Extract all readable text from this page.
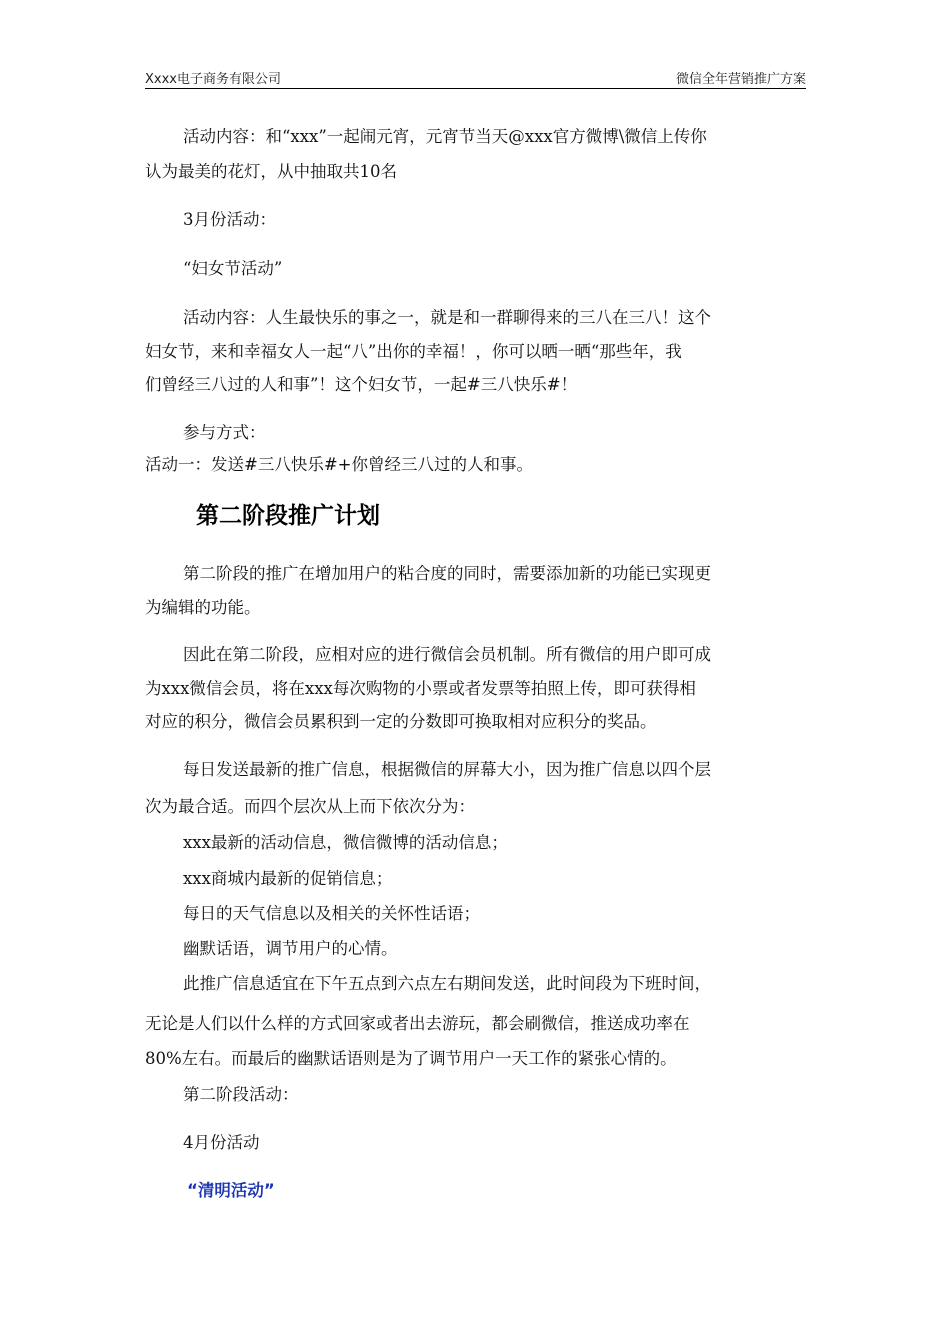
Xxxx电子商务有限公司	微信全年营销推广方案
活动内容：和“xxx”一起闹元宵，元宵节当天@xxx官方微博\微信上传你
认为最美的花灯，从中抽取共10名
3月份活动：
“妇女节活动”
活动内容：人生最快乐的事之一，就是和一群聊得来的三八在三八！这个
妇女节，来和幸福女人一起“八”出你的幸福！，你可以晒一晒“那些年，我
们曾经三八过的人和事”！这个妇女节，一起#三八快乐#！
参与方式：
活动一：发送#三八快乐#+你曾经三八过的人和事。
第二阶段推广计划
第二阶段的推广在增加用户的粘合度的同时，需要添加新的功能已实现更
为编辑的功能。
因此在第二阶段，应相对应的进行微信会员机制。所有微信的用户即可成
为xxx微信会员，将在xxx每次购物的小票或者发票等拍照上传，即可获得相
对应的积分，微信会员累积到一定的分数即可换取相对应积分的奖品。
每日发送最新的推广信息，根据微信的屏幕大小，因为推广信息以四个层
次为最合适。而四个层次从上而下依次分为：
xxx最新的活动信息，微信微博的活动信息；
xxx商城内最新的促销信息；
每日的天气信息以及相关的关怀性话语；
幽默话语，调节用户的心情。
此推广信息适宜在下午五点到六点左右期间发送，此时间段为下班时间，
无论是人们以什么样的方式回家或者出去游玩，都会刷微信，推送成功率在
80%左右。而最后的幽默话语则是为了调节用户一天工作的紧张心情的。
第二阶段活动：
4月份活动
“清明活动”
